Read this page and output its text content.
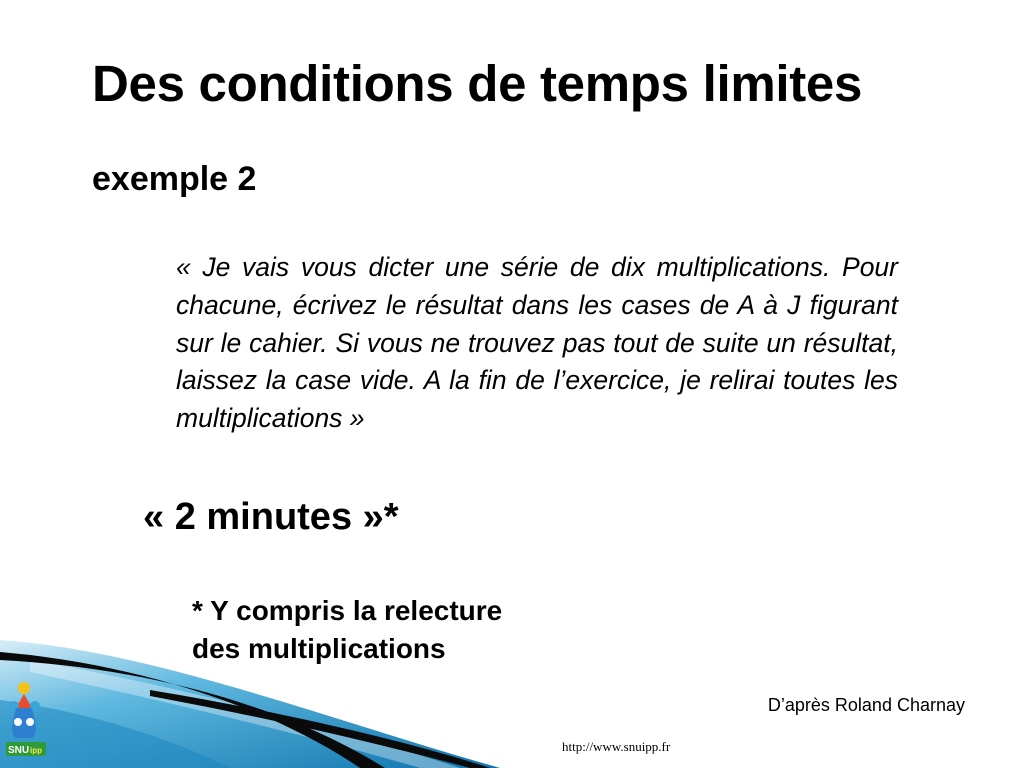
SNU ipp
Des conditions de temps limites
exemple 2
« Je vais vous dicter une série de dix multiplications. Pour chacune, écrivez le résultat dans les cases de A à J figurant sur le cahier. Si vous ne trouvez pas tout de suite un résultat, laissez la case vide. A la fin de l’exercice, je relirai toutes les multiplications »
« 2 minutes »*
* Y compris la relecture
des multiplications
D’après Roland Charnay
http://www.snuipp.fr
